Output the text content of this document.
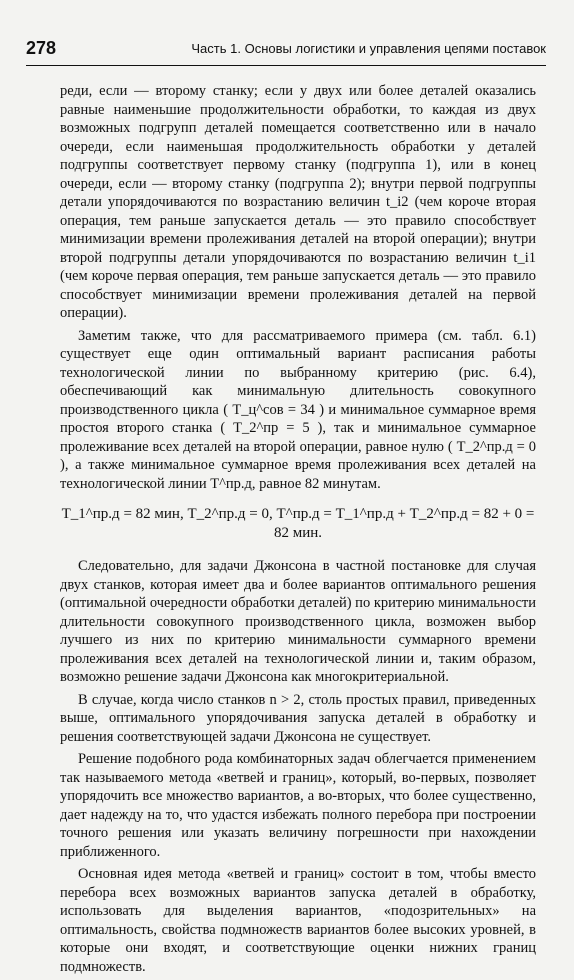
278	Часть 1. Основы логистики и управления цепями поставок

реди, если — второму станку; если у двух или более деталей оказались равные наименьшие продолжительности обработки, то каждая из двух возможных подгрупп деталей помещается соответственно или в начало очереди, если наименьшая продолжительность обработки у деталей подгруппы соответствует первому станку (подгруппа 1), или в конец очереди, если — второму станку (подгруппа 2); внутри первой подгруппы детали упорядочиваются по возрастанию величин t_i2 (чем короче вторая операция, тем раньше запускается деталь — это правило способствует минимизации времени пролеживания деталей на второй операции); внутри второй подгруппы детали упорядочиваются по возрастанию величин t_i1 (чем короче первая операция, тем раньше запускается деталь — это правило способствует минимизации времени пролеживания деталей на первой операции).

Заметим также, что для рассматриваемого примера (см. табл. 6.1) существует еще один оптимальный вариант расписания работы технологической линии по выбранному критерию (рис. 6.4), обеспечивающий как минимальную длительность совокупного производственного цикла ( T_ц^сов = 34 ) и минимальное суммарное время простоя второго станка ( T_2^пр = 5 ), так и минимальное суммарное пролеживание всех деталей на второй операции, равное нулю ( T_2^пр.д = 0 ), а также минимальное суммарное время пролеживания всех деталей на технологической линии T^пр.д, равное 82 минутам.

T_1^пр.д = 82 мин, T_2^пр.д = 0, T^пр.д = T_1^пр.д + T_2^пр.д = 82 + 0 = 82 мин.

Следовательно, для задачи Джонсона в частной постановке для случая двух станков, которая имеет два и более вариантов оптимального решения (оптимальной очередности обработки деталей) по критерию минимальности длительности совокупного производственного цикла, возможен выбор лучшего из них по критерию минимальности суммарного времени пролеживания всех деталей на технологической линии и, таким образом, возможно решение задачи Джонсона как многокритериальной.

В случае, когда число станков n > 2, столь простых правил, приведенных выше, оптимального упорядочивания запуска деталей в обработку и решения соответствующей задачи Джонсона не существует.

Решение подобного рода комбинаторных задач облегчается применением так называемого метода «ветвей и границ», который, во-первых, позволяет упорядочить все множество вариантов, а во-вторых, что более существенно, дает надежду на то, что удастся избежать полного перебора при построении точного решения или указать величину погрешности при нахождении приближенного.

Основная идея метода «ветвей и границ» состоит в том, чтобы вместо перебора всех возможных вариантов запуска деталей в обработку, использовать для выделения вариантов, «подозрительных» на оптимальность, свойства подмножеств вариантов более высоких уровней, в которые они входят, и соответствующие оценки нижних границ подмножеств.
